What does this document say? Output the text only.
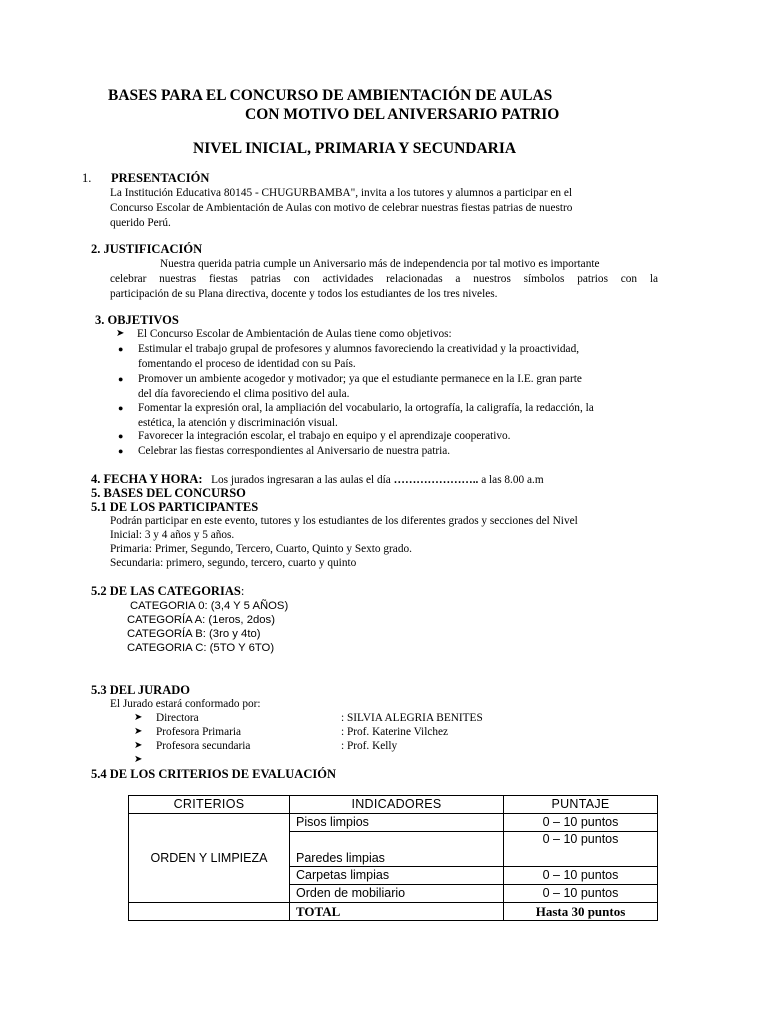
BASES PARA EL CONCURSO DE AMBIENTACIÓN DE AULAS
CON MOTIVO DEL ANIVERSARIO PATRIO
NIVEL INICIAL, PRIMARIA Y SECUNDARIA
1. PRESENTACIÓN
La Institución Educativa 80145 - CHUGURBAMBA", invita a los tutores y alumnos a participar en el
Concurso Escolar de Ambientación de Aulas con motivo de celebrar nuestras fiestas patrias de nuestro
querido Perú.
2. JUSTIFICACIÓN
Nuestra querida patria cumple un Aniversario más de independencia por tal motivo es importante
celebrar nuestras fiestas patrias con actividades relacionadas a nuestros símbolos patrios con la
participación de su Plana directiva, docente y todos los estudiantes de los tres niveles.
3. OBJETIVOS
➤ El Concurso Escolar de Ambientación de Aulas tiene como objetivos:
● Estimular el trabajo grupal de profesores y alumnos favoreciendo la creatividad y la proactividad,
fomentando el proceso de identidad con su País.
● Promover un ambiente acogedor y motivador; ya que el estudiante permanece en la I.E. gran parte
del día favoreciendo el clima positivo del aula.
● Fomentar la expresión oral, la ampliación del vocabulario, la ortografía, la caligrafía, la redacción, la
estética, la atención y discriminación visual.
● Favorecer la integración escolar, el trabajo en equipo y el aprendizaje cooperativo.
● Celebrar las fiestas correspondientes al Aniversario de nuestra patria.
4. FECHA Y HORA: Los jurados ingresaran a las aulas el día ………………….. a las 8.00 a.m
5. BASES DEL CONCURSO
5.1 DE LOS PARTICIPANTES
Podrán participar en este evento, tutores y los estudiantes de los diferentes grados y secciones del Nivel
Inicial: 3 y 4 años y 5 años.
Primaria: Primer, Segundo, Tercero, Cuarto, Quinto y Sexto grado.
Secundaria: primero, segundo, tercero, cuarto y quinto
5.2 DE LAS CATEGORIAS:
CATEGORIA 0: (3,4 Y 5 AÑOS)
CATEGORÍA A: (1eros, 2dos)
CATEGORÍA B: (3ro y 4to)
CATEGORIA C: (5TO Y 6TO)
5.3 DEL JURADO
El Jurado estará conformado por:
➤ Directora	: SILVIA ALEGRIA BENITES
➤ Profesora Primaria	: Prof. Katerine Vilchez
➤ Profesora secundaria	: Prof. Kelly
➤
5.4 DE LOS CRITERIOS DE EVALUACIÓN
CRITERIOS	INDICADORES	PUNTAJE
ORDEN Y LIMPIEZA	Pisos limpios	0 – 10 puntos
	Paredes limpias	0 – 10 puntos
	Carpetas limpias	0 – 10 puntos
	Orden de mobiliario	0 – 10 puntos
	TOTAL	Hasta 30 puntos
